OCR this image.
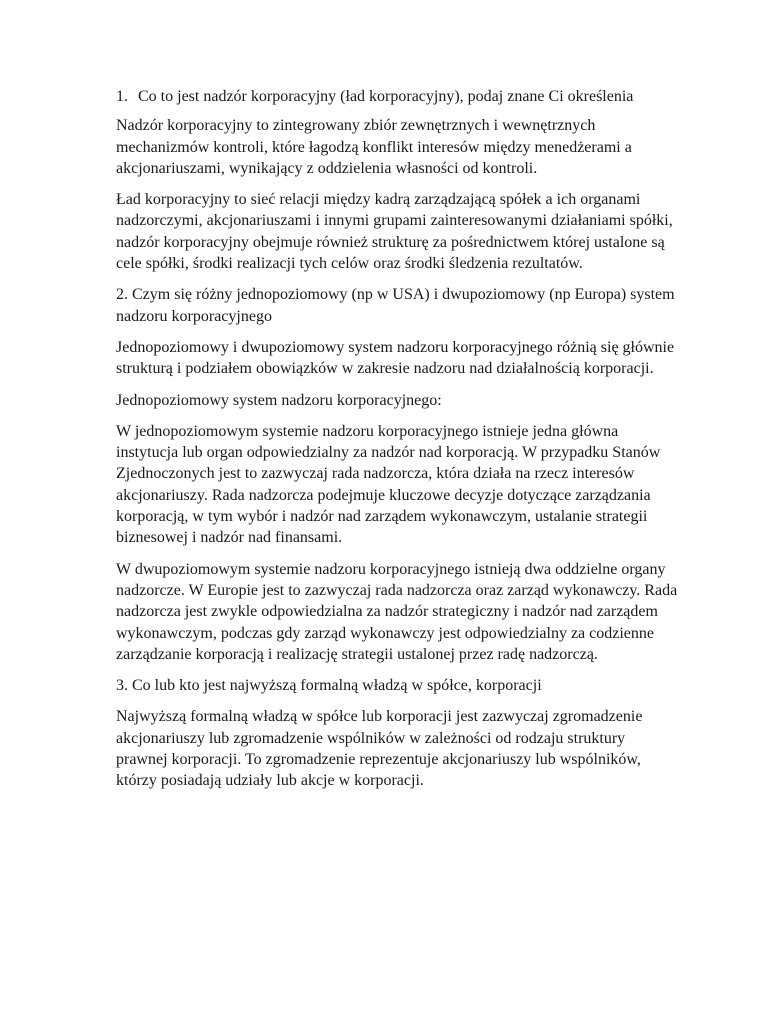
1. Co to jest nadzór korporacyjny (ład korporacyjny), podaj znane Ci określenia

Nadzór korporacyjny to zintegrowany zbiór zewnętrznych i wewnętrznych mechanizmów kontroli, które łagodzą konflikt interesów między menedżerami a akcjonariuszami, wynikający z oddzielenia własności od kontroli.

Ład korporacyjny to sieć relacji między kadrą zarządzającą spółek a ich organami nadzorczymi, akcjonariuszami i innymi grupami zainteresowanymi działaniami spółki, nadzór korporacyjny obejmuje również strukturę za pośrednictwem której ustalone są cele spółki, środki realizacji tych celów oraz środki śledzenia rezultatów.

2. Czym się różny jednopoziomowy (np w USA) i dwupoziomowy (np Europa) system nadzoru korporacyjnego

Jednopoziomowy i dwupoziomowy system nadzoru korporacyjnego różnią się głównie strukturą i podziałem obowiązków w zakresie nadzoru nad działalnością korporacji.

Jednopoziomowy system nadzoru korporacyjnego:

W jednopoziomowym systemie nadzoru korporacyjnego istnieje jedna główna instytucja lub organ odpowiedzialny za nadzór nad korporacją. W przypadku Stanów Zjednoczonych jest to zazwyczaj rada nadzorcza, która działa na rzecz interesów akcjonariuszy. Rada nadzorcza podejmuje kluczowe decyzje dotyczące zarządzania korporacją, w tym wybór i nadzór nad zarządem wykonawczym, ustalanie strategii biznesowej i nadzór nad finansami.

W dwupoziomowym systemie nadzoru korporacyjnego istnieją dwa oddzielne organy nadzorcze. W Europie jest to zazwyczaj rada nadzorcza oraz zarząd wykonawczy. Rada nadzorcza jest zwykle odpowiedzialna za nadzór strategiczny i nadzór nad zarządem wykonawczym, podczas gdy zarząd wykonawczy jest odpowiedzialny za codzienne zarządzanie korporacją i realizację strategii ustalonej przez radę nadzorczą.

3. Co lub kto jest najwyższą formalną władzą w spółce, korporacji

Najwyższą formalną władzą w spółce lub korporacji jest zazwyczaj zgromadzenie akcjonariuszy lub zgromadzenie wspólników w zależności od rodzaju struktury prawnej korporacji. To zgromadzenie reprezentuje akcjonariuszy lub wspólników, którzy posiadają udziały lub akcje w korporacji.
